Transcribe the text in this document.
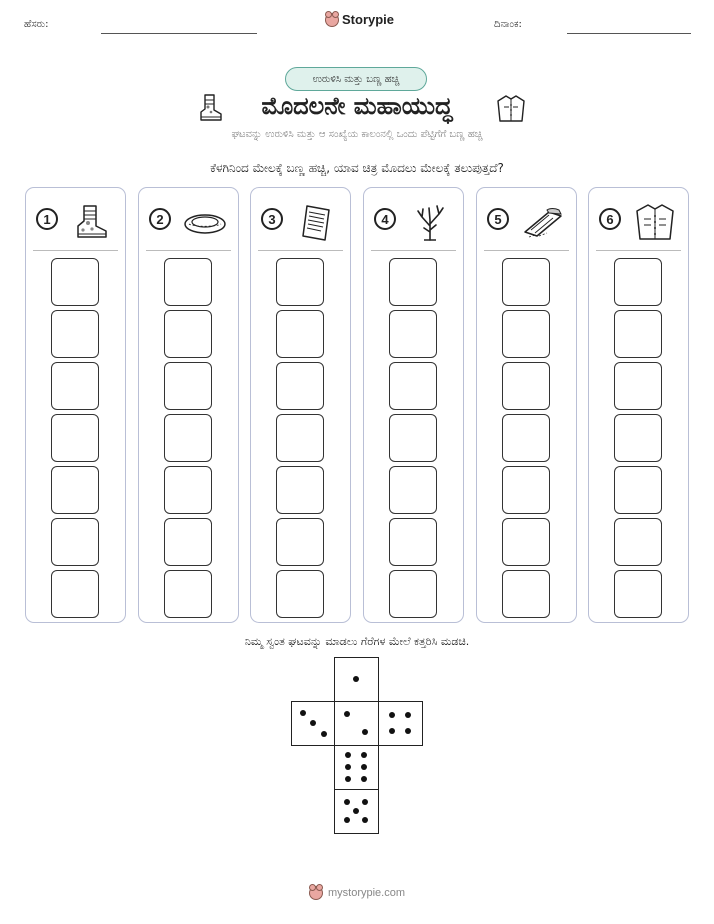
ಹೆಸರು:	Storypie	ದಿನಾಂಕ:
ಉರುಳಿಸಿ ಮತ್ತು ಬಣ್ಣ ಹಚ್ಚಿ
ಮೊದಲನೇ ಮಹಾಯುದ್ಧ
ಘಟವನ್ನು ಉರುಳಿಸಿ ಮತ್ತು ಆ ಸಂಖ್ಯೆಯ ಕಾಲಂನಲ್ಲಿ ಒಂದು ಪೆಟ್ಟಿಗೆಗೆ ಬಣ್ಣ ಹಚ್ಚಿ
ಕೆಳಗಿನಿಂದ ಮೇಲಕ್ಕೆ ಬಣ್ಣ ಹಚ್ಚಿ, ಯಾವ ಚಿತ್ರ ಮೊದಲು ಮೇಲಕ್ಕೆ ತಲುಪುತ್ತದೆ?
1	2	3	4	5	6
ನಿಮ್ಮ ಸ್ವಂತ ಘಟವನ್ನು ಮಾಡಲು ಗೆರೆಗಳ ಮೇಲೆ ಕತ್ತರಿಸಿ ಮಡಚಿ.
mystorypie.com
